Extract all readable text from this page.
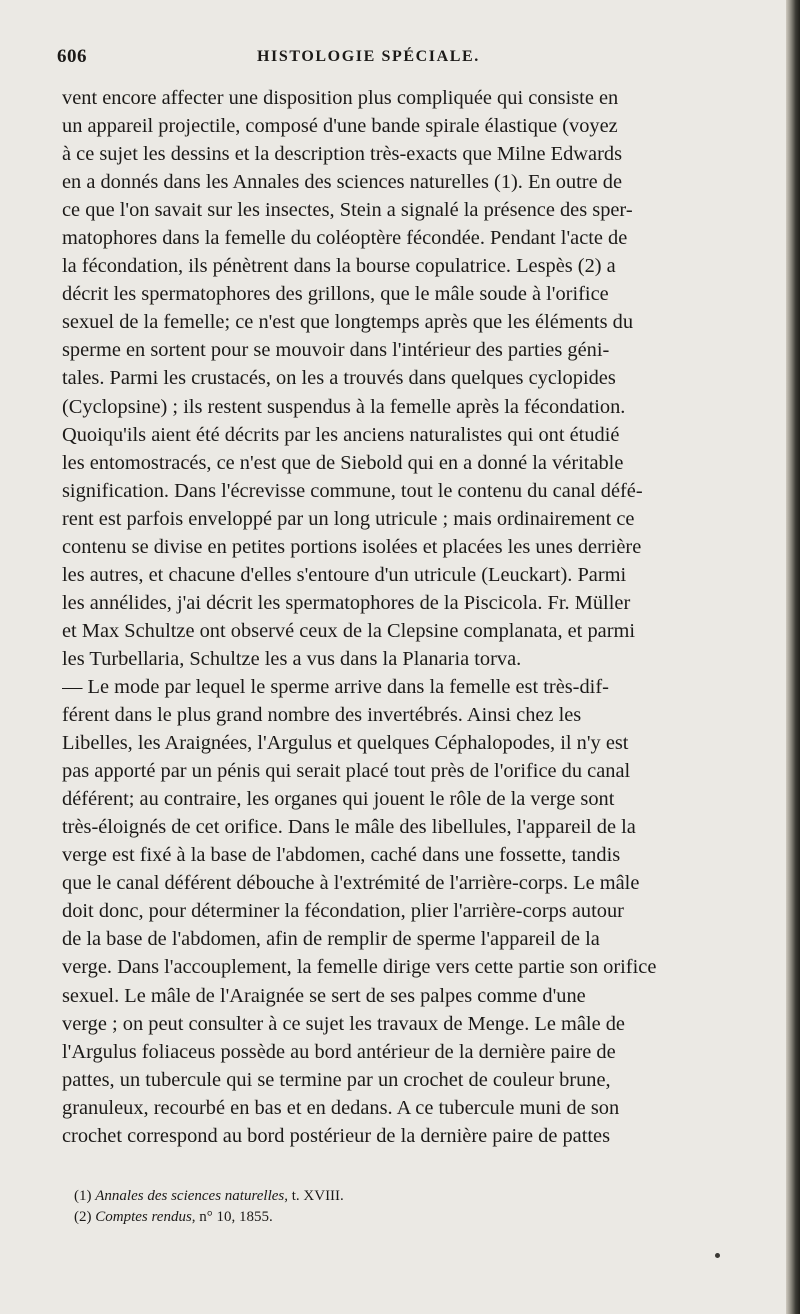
606	HISTOLOGIE SPÉCIALE.
vent encore affecter une disposition plus compliquée qui consiste en
un appareil projectile, composé d'une bande spirale élastique (voyez
à ce sujet les dessins et la description très-exacts que Milne Edwards
en a donnés dans les Annales des sciences naturelles (1). En outre de
ce que l'on savait sur les insectes, Stein a signalé la présence des sper-
matophores dans la femelle du coléoptère fécondée. Pendant l'acte de
la fécondation, ils pénètrent dans la bourse copulatrice. Lespès (2) a
décrit les spermatophores des grillons, que le mâle soude à l'orifice
sexuel de la femelle; ce n'est que longtemps après que les éléments du
sperme en sortent pour se mouvoir dans l'intérieur des parties géni-
tales. Parmi les crustacés, on les a trouvés dans quelques cyclopides
(Cyclopsine) ; ils restent suspendus à la femelle après la fécondation.
Quoiqu'ils aient été décrits par les anciens naturalistes qui ont étudié
les entomostracés, ce n'est que de Siebold qui en a donné la véritable
signification. Dans l'écrevisse commune, tout le contenu du canal défé-
rent est parfois enveloppé par un long utricule ; mais ordinairement ce
contenu se divise en petites portions isolées et placées les unes derrière
les autres, et chacune d'elles s'entoure d'un utricule (Leuckart). Parmi
les annélides, j'ai décrit les spermatophores de la Piscicola. Fr. Müller
et Max Schultze ont observé ceux de la Clepsine complanata, et parmi
les Turbellaria, Schultze les a vus dans la Planaria torva.
— Le mode par lequel le sperme arrive dans la femelle est très-dif-
férent dans le plus grand nombre des invertébrés. Ainsi chez les
Libelles, les Araignées, l'Argulus et quelques Céphalopodes, il n'y est
pas apporté par un pénis qui serait placé tout près de l'orifice du canal
déférent; au contraire, les organes qui jouent le rôle de la verge sont
très-éloignés de cet orifice. Dans le mâle des libellules, l'appareil de la
verge est fixé à la base de l'abdomen, caché dans une fossette, tandis
que le canal déférent débouche à l'extrémité de l'arrière-corps. Le mâle
doit donc, pour déterminer la fécondation, plier l'arrière-corps autour
de la base de l'abdomen, afin de remplir de sperme l'appareil de la
verge. Dans l'accouplement, la femelle dirige vers cette partie son orifice
sexuel. Le mâle de l'Araignée se sert de ses palpes comme d'une
verge ; on peut consulter à ce sujet les travaux de Menge. Le mâle de
l'Argulus foliaceus possède au bord antérieur de la dernière paire de
pattes, un tubercule qui se termine par un crochet de couleur brune,
granuleux, recourbé en bas et en dedans. A ce tubercule muni de son
crochet correspond au bord postérieur de la dernière paire de pattes
(1) Annales des sciences naturelles, t. XVIII.
(2) Comptes rendus, n° 10, 1855.
